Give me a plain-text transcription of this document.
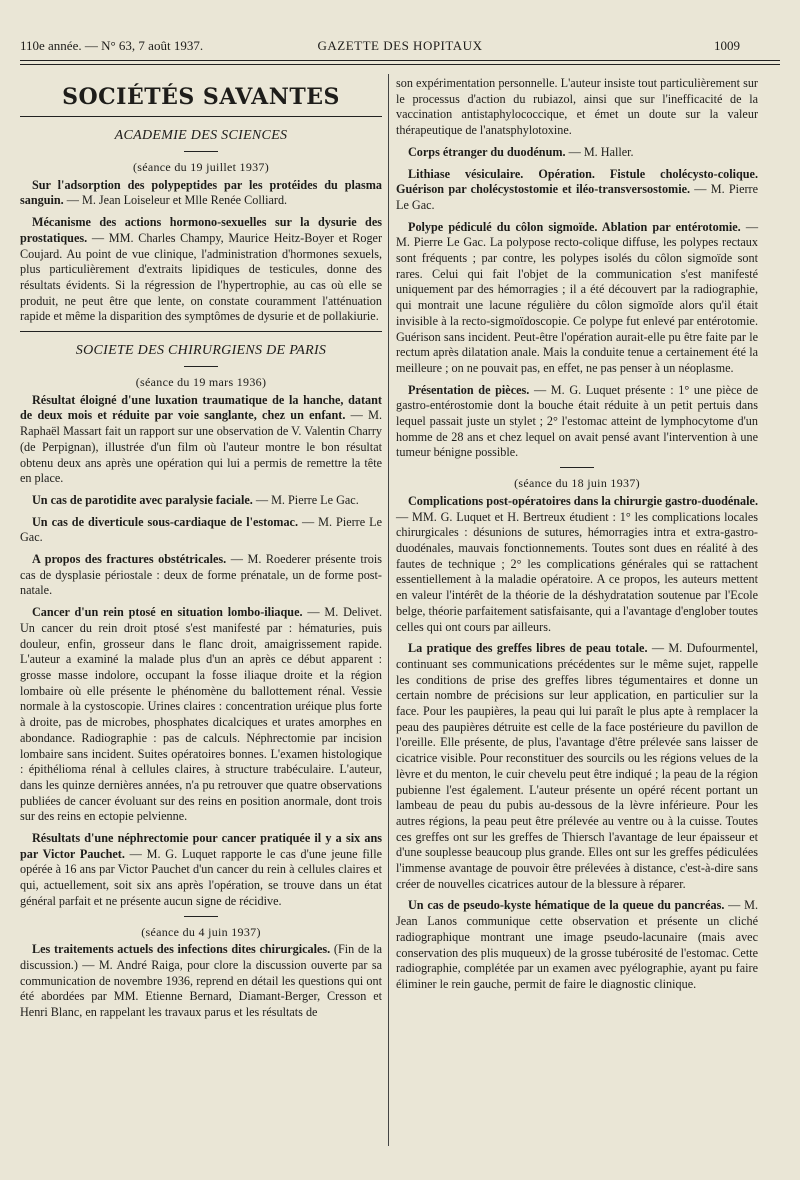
110e année. — N° 63, 7 août 1937.	GAZETTE DES HOPITAUX	1009
SOCIÉTÉS SAVANTES
ACADEMIE DES SCIENCES
(séance du 19 juillet 1937)

Sur l'adsorption des polypeptides par les protéides du plasma sanguin. — M. Jean Loiseleur et Mlle Renée Colliard.

Mécanisme des actions hormono-sexuelles sur la dysurie des prostatiques. — MM. Charles Champy, Maurice Heitz-Boyer et Roger Coujard. Au point de vue clinique, l'administration d'hormones sexuels, plus particulièrement d'extraits lipidiques de testicules, donne des résultats évidents. Si la régression de l'hypertrophie, au cas où elle se produit, ne peut être que lente, on constate couramment l'atténuation rapide et même la disparition des symptômes de dysurie et de pollakiurie.

SOCIETE DES CHIRURGIENS DE PARIS
(séance du 19 mars 1936)

Résultat éloigné d'une luxation traumatique de la hanche, datant de deux mois et réduite par voie sanglante, chez un enfant. — M. Raphaël Massart fait un rapport sur une observation de V. Valentin Charry (de Perpignan), illustrée d'un film où l'auteur montre le bon résultat obtenu deux ans après une opération qui lui a permis de remettre la tête en place.

Un cas de parotidite avec paralysie faciale. — M. Pierre Le Gac.

Un cas de diverticule sous-cardiaque de l'estomac. — M. Pierre Le Gac.

A propos des fractures obstétricales. — M. Roederer présente trois cas de dysplasie périostale : deux de forme prénatale, un de forme post-natale.

Cancer d'un rein ptosé en situation lombo-iliaque. — M. Delivet. Un cancer du rein droit ptosé s'est manifesté par : hématuries, puis douleur, enfin, grosseur dans le flanc droit, amaigrissement rapide. L'auteur a examiné la malade plus d'un an après ce début apparent : grosse masse indolore, occupant la fosse iliaque droite et la région lombaire où elle présente le phénomène du ballottement rénal. Vessie normale à la cystoscopie. Urines claires : concentration uréique plus forte à droite, pas de microbes, phosphates dicalciques et urates amorphes en abondance. Radiographie : pas de calculs. Néphrectomie par incision lombaire sans incident. Suites opératoires bonnes. L'examen histologique : épithélioma rénal à cellules claires, à structure trabéculaire. L'auteur, dans les quinze dernières années, n'a pu retrouver que quatre observations publiées de cancer évoluant sur des reins en position anormale, dont trois sur des reins en ectopie pelvienne.

Résultats d'une néphrectomie pour cancer pratiquée il y a six ans par Victor Pauchet. — M. G. Luquet rapporte le cas d'une jeune fille opérée à 16 ans par Victor Pauchet d'un cancer du rein à cellules claires et qui, actuellement, soit six ans après l'opération, se trouve dans un état général parfait et ne présente aucun signe de récidive.

(séance du 4 juin 1937)

Les traitements actuels des infections dites chirurgicales. (Fin de la discussion.) — M. André Raiga, pour clore la discussion ouverte par sa communication de novembre 1936, reprend en détail les questions qui ont été abordées par MM. Etienne Bernard, Diamant-Berger, Cresson et Henri Blanc, en rappelant les travaux parus et les résultats de

son expérimentation personnelle. L'auteur insiste tout particulièrement sur le processus d'action du rubiazol, ainsi que sur l'inefficacité de la vaccination antistaphylococcique, et émet un doute sur la valeur thérapeutique de l'anatsphylotoxine.

Corps étranger du duodénum. — M. Haller.

Lithiase vésiculaire. Opération. Fistule cholécysto-colique. Guérison par cholécystostomie et iléo-transversostomie. — M. Pierre Le Gac.

Polype pédiculé du côlon sigmoïde. Ablation par entérotomie. — M. Pierre Le Gac. La polypose recto-colique diffuse, les polypes rectaux sont fréquents ; par contre, les polypes isolés du côlon sigmoïde sont rares. Celui qui fait l'objet de la communication s'est manifesté uniquement par des hémorragies ; il a été découvert par la radiographie, qui montrait une lacune régulière du côlon sigmoïde alors qu'il était invisible à la recto-sigmoïdoscopie. Ce polype fut enlevé par entérotomie. Guérison sans incident. Peut-être l'opération aurait-elle pu être faite par le rectum après dilatation anale. Mais la conduite tenue a certainement été la meilleure ; on ne pouvait pas, en effet, ne pas penser à un néoplasme.

Présentation de pièces. — M. G. Luquet présente : 1° une pièce de gastro-entérostomie dont la bouche était réduite à un petit pertuis dans lequel passait juste un stylet ; 2° l'estomac atteint de lymphocytome d'un homme de 28 ans et chez lequel on avait pensé avant l'intervention à une tumeur bénigne possible.

(séance du 18 juin 1937)

Complications post-opératoires dans la chirurgie gastro-duodénale. — MM. G. Luquet et H. Bertreux étudient : 1° les complications locales chirurgicales : désunions de sutures, hémorragies intra et extra-gastro-duodénales, mauvais fonctionnements. Toutes sont dues en réalité à des fautes de technique ; 2° les complications générales qui se rattachent essentiellement à la maladie opératoire. A ce propos, les auteurs mettent en valeur l'intérêt de la théorie de la déshydratation soutenue par l'Ecole belge, théorie parfaitement satisfaisante, qui a l'avantage d'englober toutes celles qui ont cours par ailleurs.

La pratique des greffes libres de peau totale. — M. Dufourmentel, continuant ses communications précédentes sur le même sujet, rappelle les conditions de prise des greffes libres tégumentaires et donne un certain nombre de précisions sur leur application, en particulier sur la face. Pour les paupières, la peau qui lui paraît le plus apte à remplacer la peau des paupières détruite est celle de la face postérieure du pavillon de l'oreille. Elle présente, de plus, l'avantage d'être prélevée sans laisser de cicatrice visible. Pour reconstituer des sourcils ou les régions velues de la lèvre et du menton, le cuir chevelu peut être indiqué ; la peau de la région pubienne l'est également. L'auteur présente un opéré récent portant un lambeau de peau du pubis au-dessous de la lèvre inférieure. Pour les autres régions, la peau peut être prélevée au ventre ou à la cuisse. Toutes ces greffes ont sur les greffes de Thiersch l'avantage de leur épaisseur et d'une souplesse beaucoup plus grande. Elles ont sur les greffes pédiculées l'immense avantage de pouvoir être prélevées à distance, c'est-à-dire sans créer de nouvelles cicatrices autour de la blessure à réparer.

Un cas de pseudo-kyste hématique de la queue du pancréas. — M. Jean Lanos communique cette observation et présente un cliché radiographique montrant une image pseudo-lacunaire (mais avec conservation des plis muqueux) de la grosse tubérosité de l'estomac. Cette radiographie, complétée par un examen avec pyélographie, ayant pu faire éliminer le rein gauche, permit de faire le diagnostic clinique.
